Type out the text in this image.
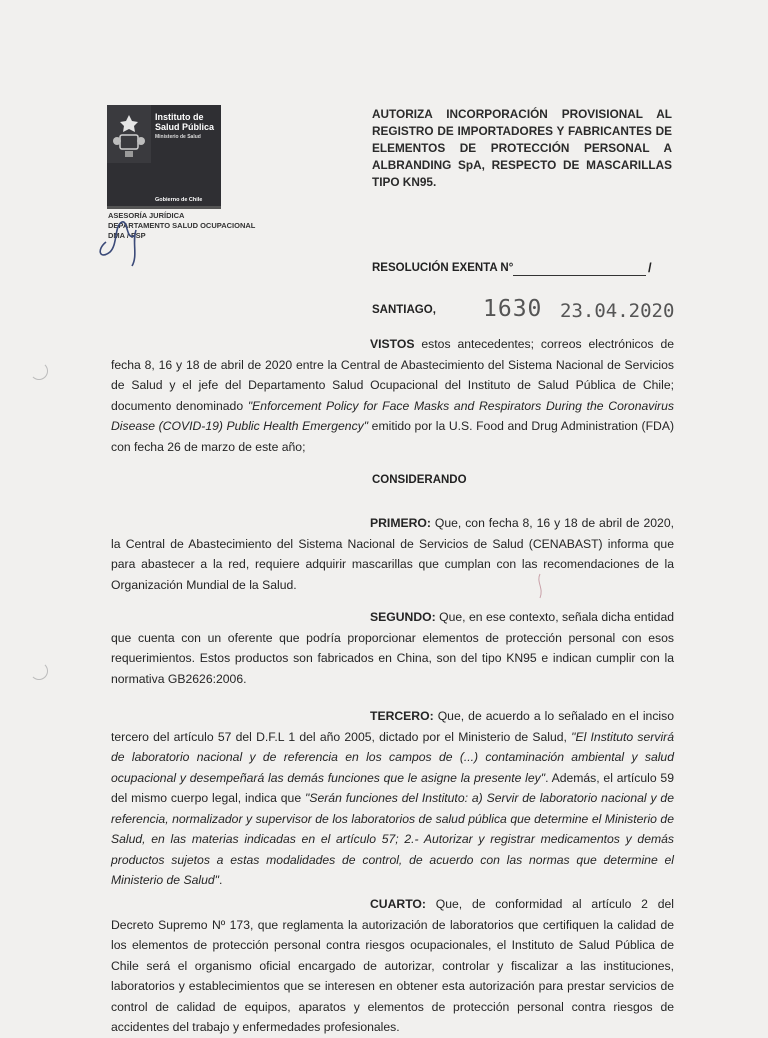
Instituto de
Salud Pública
Ministerio de Salud
Gobierno de Chile
ASESORÍA JURÍDICA
DEPARTAMENTO SALUD OCUPACIONAL
DMA / FSP
AUTORIZA INCORPORACIÓN PROVISIONAL AL REGISTRO DE IMPORTADORES Y FABRICANTES DE ELEMENTOS DE PROTECCIÓN PERSONAL A ALBRANDING SpA, RESPECTO DE MASCARILLAS TIPO KN95.
RESOLUCIÓN EXENTA N°	/
SANTIAGO, 1630 23.04.2020
VISTOS estos antecedentes; correos electrónicos de fecha 8, 16 y 18 de abril de 2020 entre la Central de Abastecimiento del Sistema Nacional de Servicios de Salud y el jefe del Departamento Salud Ocupacional del Instituto de Salud Pública de Chile; documento denominado "Enforcement Policy for Face Masks and Respirators During the Coronavirus Disease (COVID-19) Public Health Emergency" emitido por la U.S. Food and Drug Administration (FDA) con fecha 26 de marzo de este año;
CONSIDERANDO
PRIMERO: Que, con fecha 8, 16 y 18 de abril de 2020, la Central de Abastecimiento del Sistema Nacional de Servicios de Salud (CENABAST) informa que para abastecer a la red, requiere adquirir mascarillas que cumplan con las recomendaciones de la Organización Mundial de la Salud.
SEGUNDO: Que, en ese contexto, señala dicha entidad que cuenta con un oferente que podría proporcionar elementos de protección personal con esos requerimientos. Estos productos son fabricados en China, son del tipo KN95 e indican cumplir con la normativa GB2626:2006.
TERCERO: Que, de acuerdo a lo señalado en el inciso tercero del artículo 57 del D.F.L 1 del año 2005, dictado por el Ministerio de Salud, "El Instituto servirá de laboratorio nacional y de referencia en los campos de (...) contaminación ambiental y salud ocupacional y desempeñará las demás funciones que le asigne la presente ley". Además, el artículo 59 del mismo cuerpo legal, indica que "Serán funciones del Instituto: a) Servir de laboratorio nacional y de referencia, normalizador y supervisor de los laboratorios de salud pública que determine el Ministerio de Salud, en las materias indicadas en el artículo 57; 2.- Autorizar y registrar medicamentos y demás productos sujetos a estas modalidades de control, de acuerdo con las normas que determine el Ministerio de Salud".
CUARTO: Que, de conformidad al artículo 2 del Decreto Supremo Nº 173, que reglamenta la autorización de laboratorios que certifiquen la calidad de los elementos de protección personal contra riesgos ocupacionales, el Instituto de Salud Pública de Chile será el organismo oficial encargado de autorizar, controlar y fiscalizar a las instituciones, laboratorios y establecimientos que se interesen en obtener esta autorización para prestar servicios de control de calidad de equipos, aparatos y elementos de protección personal contra riesgos de accidentes del trabajo y enfermedades profesionales.
